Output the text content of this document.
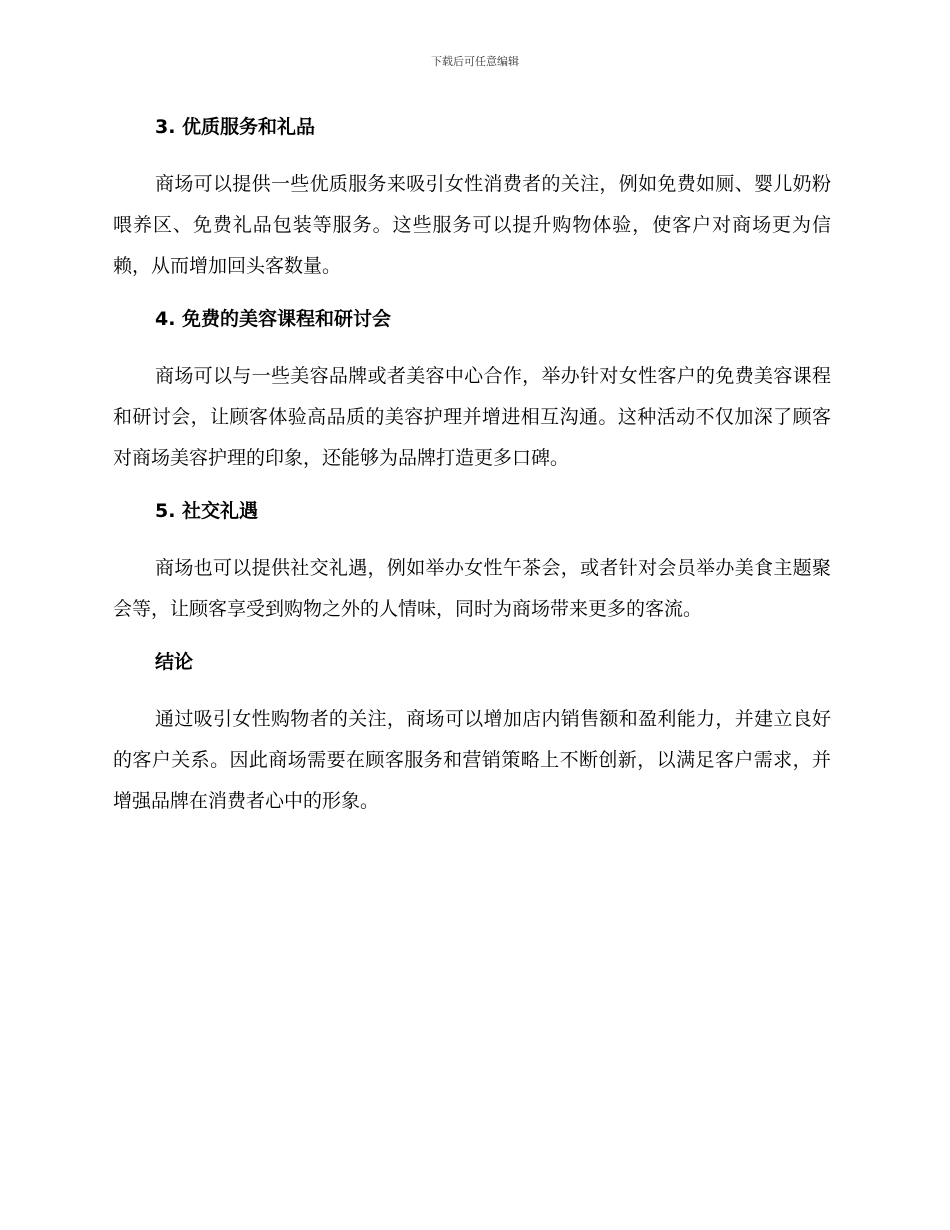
下载后可任意编辑
3. 优质服务和礼品

商场可以提供一些优质服务来吸引女性消费者的关注，例如免费如厕、婴儿奶粉喂养区、免费礼品包装等服务。这些服务可以提升购物体验，使客户对商场更为信赖，从而增加回头客数量。

4. 免费的美容课程和研讨会

商场可以与一些美容品牌或者美容中心合作，举办针对女性客户的免费美容课程和研讨会，让顾客体验高品质的美容护理并增进相互沟通。这种活动不仅加深了顾客对商场美容护理的印象，还能够为品牌打造更多口碑。

5. 社交礼遇

商场也可以提供社交礼遇，例如举办女性午茶会，或者针对会员举办美食主题聚会等，让顾客享受到购物之外的人情味，同时为商场带来更多的客流。

结论

通过吸引女性购物者的关注，商场可以增加店内销售额和盈利能力，并建立良好的客户关系。因此商场需要在顾客服务和营销策略上不断创新，以满足客户需求，并增强品牌在消费者心中的形象。
